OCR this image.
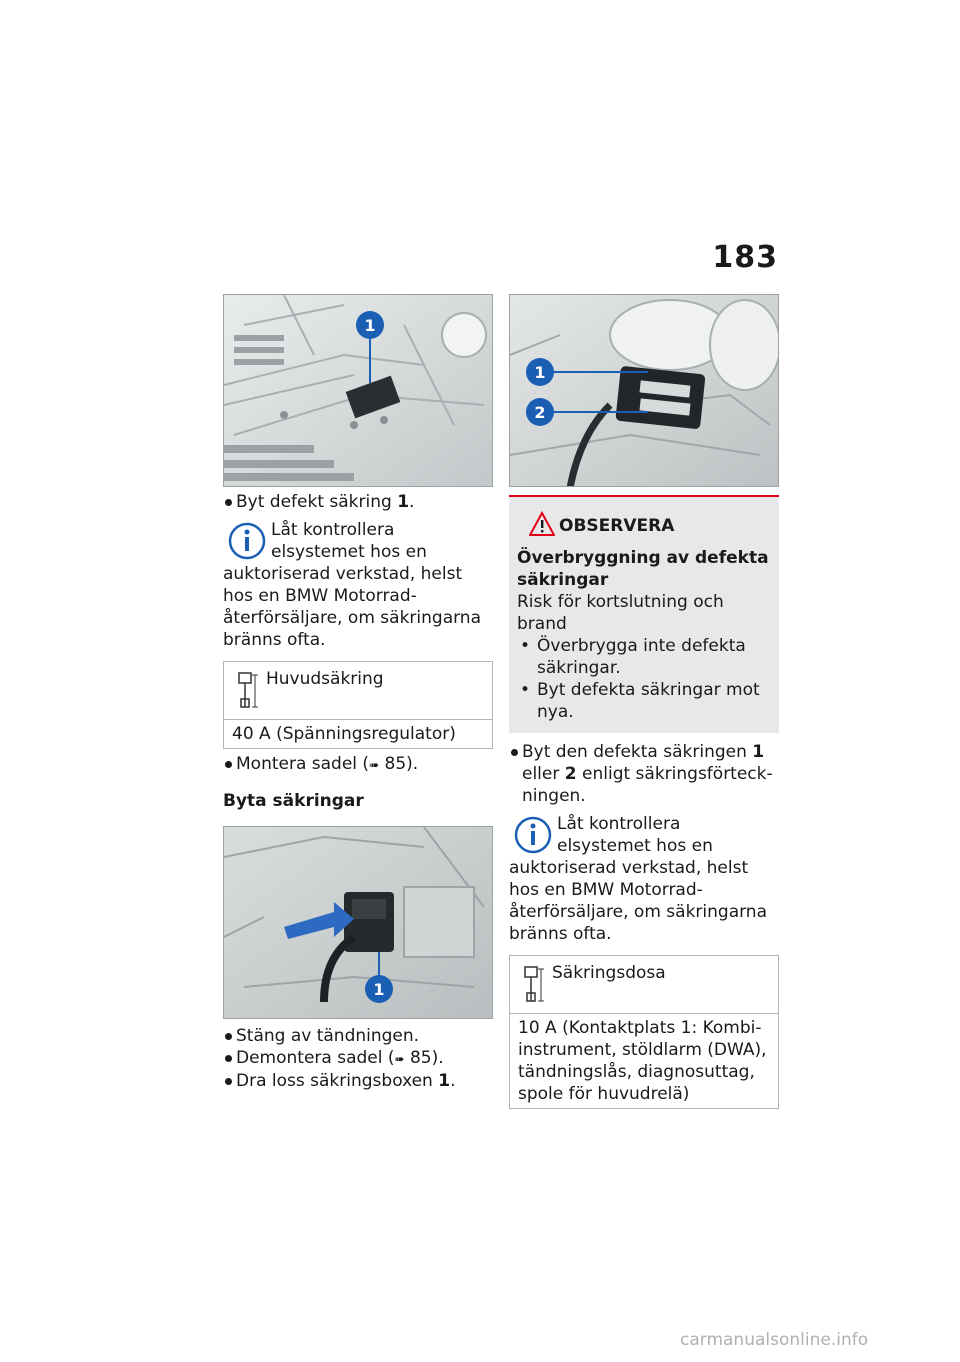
183
1
Byt defekt säkring 1.
Låt kontrollera elsystemet hos en auktoriserad verkstad, helst hos en BMW Motorrad-återförsäljare, om säkringarna bränns ofta.
Huvudsäkring
40 A (Spänningsregulator)
Montera sadel (➠ 85).
Byta säkringar
1
Stäng av tändningen.
Demontera sadel (➠ 85).
Dra loss säkringsboxen 1.
1
2
OBSERVERA
Överbryggning av defekta säkringar
Risk för kortslutning och brand
• Överbrygga inte defekta säkringar.
• Byt defekta säkringar mot nya.
Byt den defekta säkringen 1 eller 2 enligt säkringsförteckningen.
Låt kontrollera elsystemet hos en auktoriserad verkstad, helst hos en BMW Motorrad-återförsäljare, om säkringarna bränns ofta.
Säkringsdosa
10 A (Kontaktplats 1: Kombiinstrument, stöldlarm (DWA), tändningslås, diagnosuttag, spole för huvudrelä)
carmanualsonline.info
